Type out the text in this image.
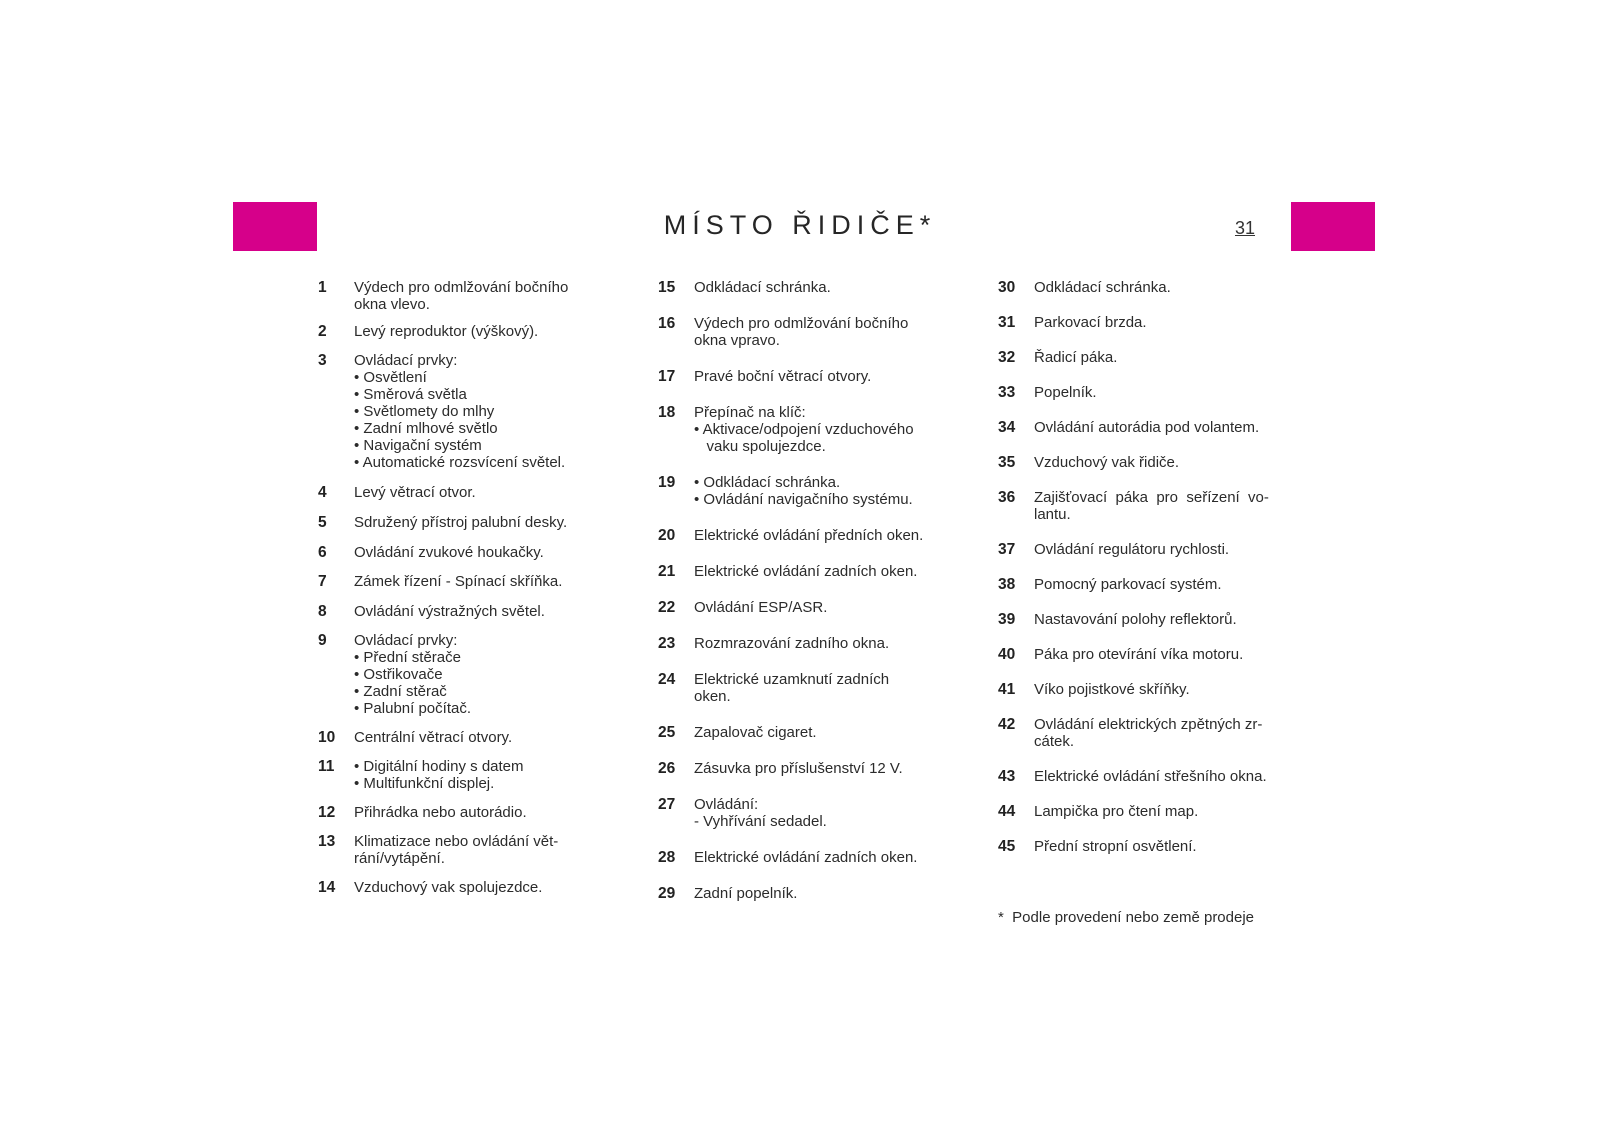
MÍSTO ŘIDIČE*	31
1 Výdech pro odmlžování bočního
okna vlevo.
2 Levý reproduktor (výškový).
3 Ovládací prvky:
• Osvětlení
• Směrová světla
• Světlomety do mlhy
• Zadní mlhové světlo
• Navigační systém
• Automatické rozsvícení světel.
4 Levý větrací otvor.
5 Sdružený přístroj palubní desky.
6 Ovládání zvukové houkačky.
7 Zámek řízení - Spínací skříňka.
8 Ovládání výstražných světel.
9 Ovládací prvky:
• Přední stěrače
• Ostřikovače
• Zadní stěrač
• Palubní počítač.
10 Centrální větrací otvory.
11 • Digitální hodiny s datem
• Multifunkční displej.
12 Přihrádka nebo autorádio.
13 Klimatizace nebo ovládání vět-
rání/vytápění.
14 Vzduchový vak spolujezdce.
15 Odkládací schránka.
16 Výdech pro odmlžování bočního
okna vpravo.
17 Pravé boční větrací otvory.
18 Přepínač na klíč:
• Aktivace/odpojení vzduchového
vaku spolujezdce.
19 • Odkládací schránka.
• Ovládání navigačního systému.
20 Elektrické ovládání předních oken.
21 Elektrické ovládání zadních oken.
22 Ovládání ESP/ASR.
23 Rozmrazování zadního okna.
24 Elektrické uzamknutí zadních
oken.
25 Zapalovač cigaret.
26 Zásuvka pro příslušenství 12 V.
27 Ovládání:
- Vyhřívání sedadel.
28 Elektrické ovládání zadních oken.
29 Zadní popelník.
30 Odkládací schránka.
31 Parkovací brzda.
32 Řadicí páka.
33 Popelník.
34 Ovládání autorádia pod volantem.
35 Vzduchový vak řidiče.
36 Zajišťovací  páka  pro  seřízení  vo-
lantu.
37 Ovládání regulátoru rychlosti.
38 Pomocný parkovací systém.
39 Nastavování polohy reflektorů.
40 Páka pro otevírání víka motoru.
41 Víko pojistkové skříňky.
42 Ovládání elektrických zpětných zr-
cátek.
43 Elektrické ovládání střešního okna.
44 Lampička pro čtení map.
45 Přední stropní osvětlení.
*  Podle provedení nebo země prodeje
